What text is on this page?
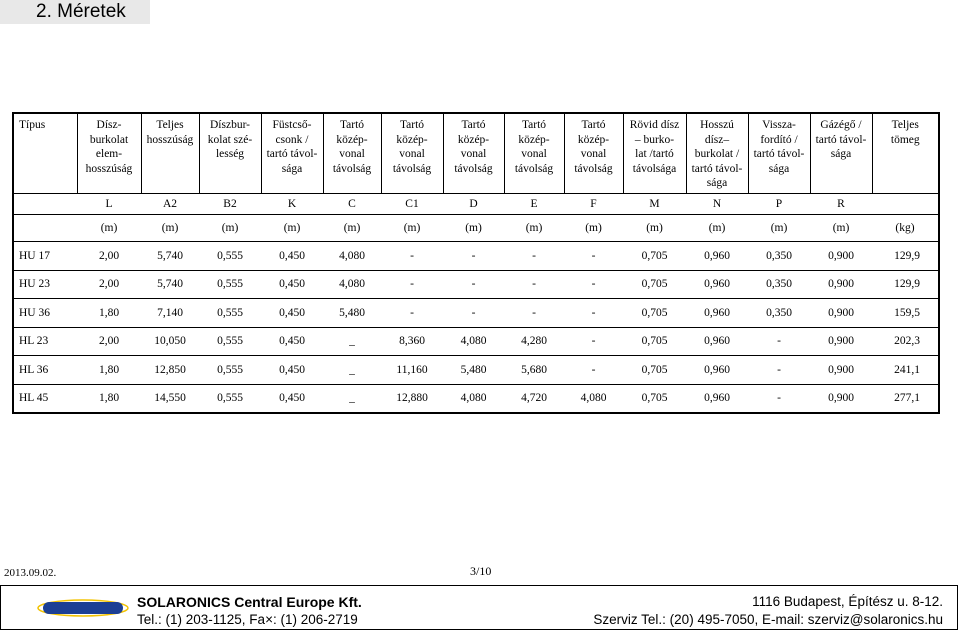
2. Méretek
Típus	Dísz-
burkolat
elem-
hosszúság	Teljes
hosszúság	Díszbur-
kolat szé-
lesség	Füstcső-
csonk /
tartó távol-
sága	Tartó
közép-
vonal
távolság	Tartó
közép-
vonal
távolság	Tartó
közép-
vonal
távolság	Tartó
közép-
vonal
távolság	Tartó
közép-
vonal
távolság	Rövid dísz
– burko-
lat /tartó
távolsága	Hosszú
dísz–
burkolat /
tartó távol-
sága	Vissza-
fordító /
tartó távol-
sága	Gázégő /
tartó távol-
sága	Teljes
tömeg

	L	A2	B2	K	C	C1	D	E	F	M	N	P	R	
	(m)	(m)	(m)	(m)	(m)	(m)	(m)	(m)	(m)	(m)	(m)	(m)	(m)	(kg)
HU 17	2,00	5,740	0,555	0,450	4,080	-	-	-	-	0,705	0,960	0,350	0,900	129,9
HU 23	2,00	5,740	0,555	0,450	4,080	-	-	-	-	0,705	0,960	0,350	0,900	129,9
HU 36	1,80	7,140	0,555	0,450	5,480	-	-	-	-	0,705	0,960	0,350	0,900	159,5
HL 23	2,00	10,050	0,555	0,450	_	8,360	4,080	4,280	-	0,705	0,960	-	0,900	202,3
HL 36	1,80	12,850	0,555	0,450	_	11,160	5,480	5,680	-	0,705	0,960	-	0,900	241,1
HL 45	1,80	14,550	0,555	0,450	_	12,880	4,080	4,720	4,080	0,705	0,960	-	0,900	277,1
2013.09.02.	3/10
SOLARONICS Central Europe Kft.	1116 Budapest, Építész u. 8-12.
Tel.: (1) 203-1125, Fa×: (1) 206-2719	Szerviz Tel.: (20) 495-7050, E-mail: szerviz@solaronics.hu
